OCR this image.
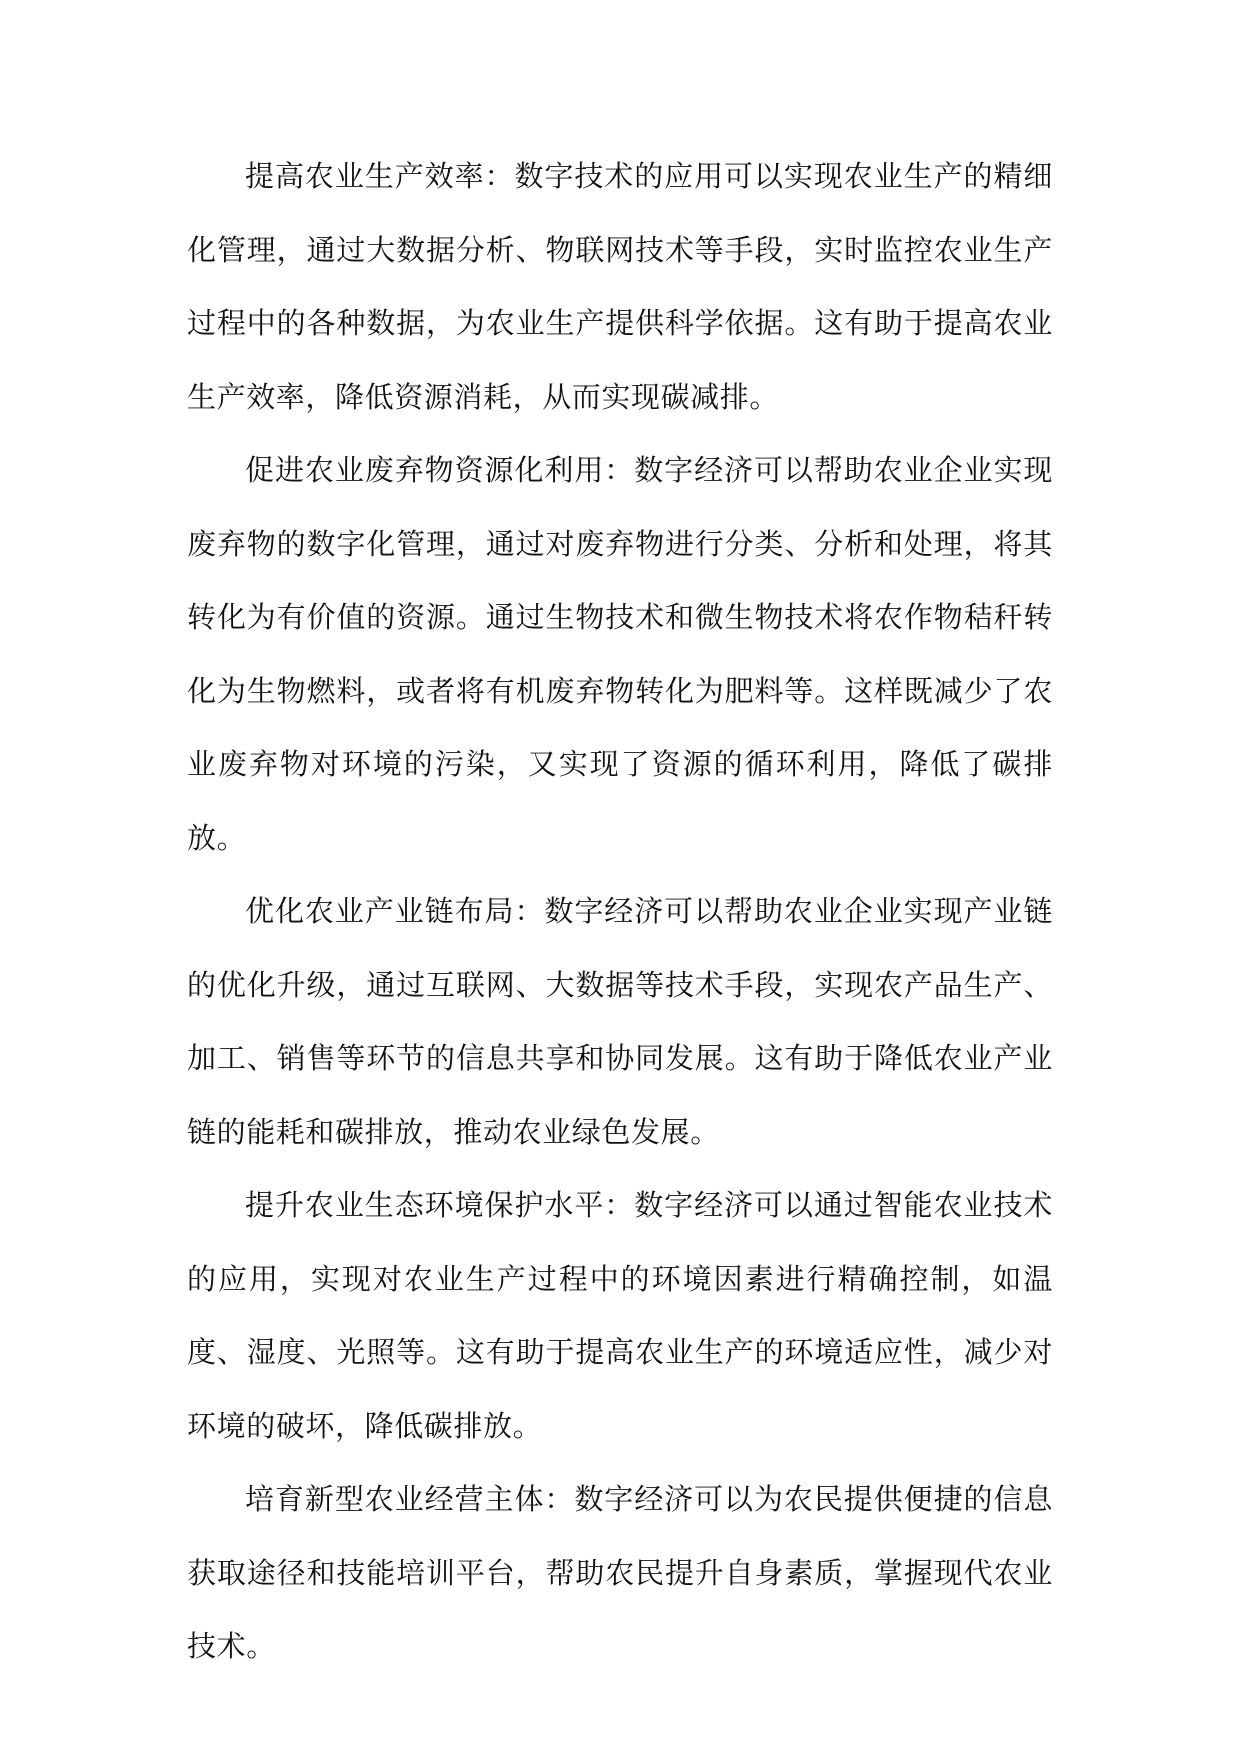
提高农业生产效率：数字技术的应用可以实现农业生产的精细化管理，通过大数据分析、物联网技术等手段，实时监控农业生产过程中的各种数据，为农业生产提供科学依据。这有助于提高农业生产效率，降低资源消耗，从而实现碳减排。

促进农业废弃物资源化利用：数字经济可以帮助农业企业实现废弃物的数字化管理，通过对废弃物进行分类、分析和处理，将其转化为有价值的资源。通过生物技术和微生物技术将农作物秸秆转化为生物燃料，或者将有机废弃物转化为肥料等。这样既减少了农业废弃物对环境的污染，又实现了资源的循环利用，降低了碳排放。

优化农业产业链布局：数字经济可以帮助农业企业实现产业链的优化升级，通过互联网、大数据等技术手段，实现农产品生产、加工、销售等环节的信息共享和协同发展。这有助于降低农业产业链的能耗和碳排放，推动农业绿色发展。

提升农业生态环境保护水平：数字经济可以通过智能农业技术的应用，实现对农业生产过程中的环境因素进行精确控制，如温度、湿度、光照等。这有助于提高农业生产的环境适应性，减少对环境的破坏，降低碳排放。

培育新型农业经营主体：数字经济可以为农民提供便捷的信息获取途径和技能培训平台，帮助农民提升自身素质，掌握现代农业技术。
